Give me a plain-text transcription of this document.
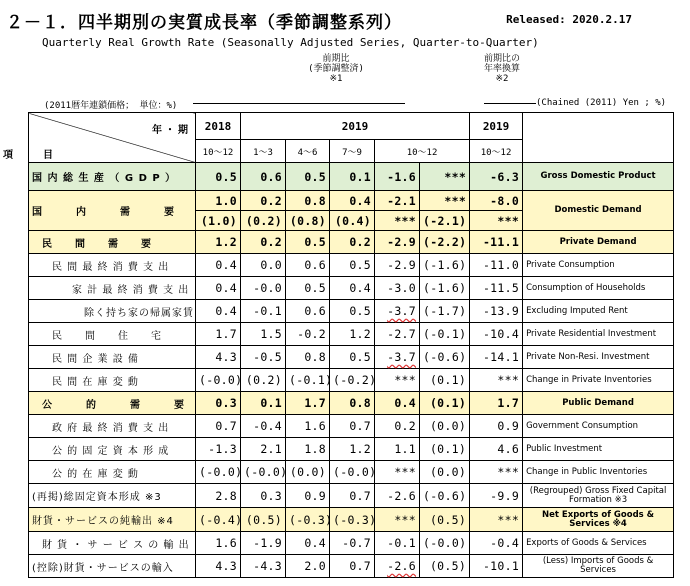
２－１．四半期別の実質成長率（季節調整系列）	Released: 2020.2.17
Quarterly Real Growth Rate (Seasonally Adjusted Series, Quarter-to-Quarter)
前期比
(季節調整済)
※1
前期比の
年率換算
※2
(2011暦年連鎖価格； 単位：%)	(Chained (2011) Yen ; %)
年・期
項　目	2018	2019					2019	
	10～12	1～3	4～6	7～9	10～12		10～12	
国 内 総 生 産 （ G D P ）	0.5	0.6	0.5	0.1	-1.6	***	-6.3	Gross Domestic Product
国　　　内　　　需　　　要	1.0	0.2	0.8	0.4	-2.1	***	-8.0	Domestic Demand
	(1.0)	(0.2)	(0.8)	(0.4)	***	(-2.1)	***	
民　　間　　需　　要	1.2	0.2	0.5	0.2	-2.9	(-2.2)	-11.1	Private Demand
民 間 最 終 消 費 支 出	0.4	0.0	0.6	0.5	-2.9	(-1.6)	-11.0	Private Consumption
家 計 最 終 消 費 支 出	0.4	-0.0	0.5	0.4	-3.0	(-1.6)	-11.5	Consumption of Households
除く持ち家の帰属家賃	0.4	-0.1	0.6	0.5	-3.7	(-1.7)	-13.9	Excluding Imputed Rent
民　　間　　住　　宅	1.7	1.5	-0.2	1.2	-2.7	(-0.1)	-10.4	Private Residential Investment
民 間 企 業 設 備	4.3	-0.5	0.8	0.5	-3.7	(-0.6)	-14.1	Private Non-Resi. Investment
民 間 在 庫 変 動	(-0.0)	(0.2)	(-0.1)	(-0.2)	***	(0.1)	***	Change in Private Inventories
公　　　的　　　需　　　要	0.3	0.1	1.7	0.8	0.4	(0.1)	1.7	Public Demand
政 府 最 終 消 費 支 出	0.7	-0.4	1.6	0.7	0.2	(0.0)	0.9	Government Consumption
公 的 固 定 資 本 形 成	-1.3	2.1	1.8	1.2	1.1	(0.1)	4.6	Public Investment
公 的 在 庫 変 動	(-0.0)	(-0.0)	(0.0)	(-0.0)	***	(0.0)	***	Change in Public Inventories
(再掲)総固定資本形成 ※3	2.8	0.3	0.9	0.7	-2.6	(-0.6)	-9.9	(Regrouped) Gross Fixed Capital Formation ※3
財貨・サービスの純輸出 ※4	(-0.4)	(0.5)	(-0.3)	(-0.3)	***	(0.5)	***	Net Exports of Goods & Services ※4
財 貨 ・ サ ー ビ ス の 輸 出	1.6	-1.9	0.4	-0.7	-0.1	(-0.0)	-0.4	Exports of Goods & Services
(控除)財貨・サービスの輸入	4.3	-4.3	2.0	0.7	-2.6	(0.5)	-10.1	(Less) Imports of Goods & Services
